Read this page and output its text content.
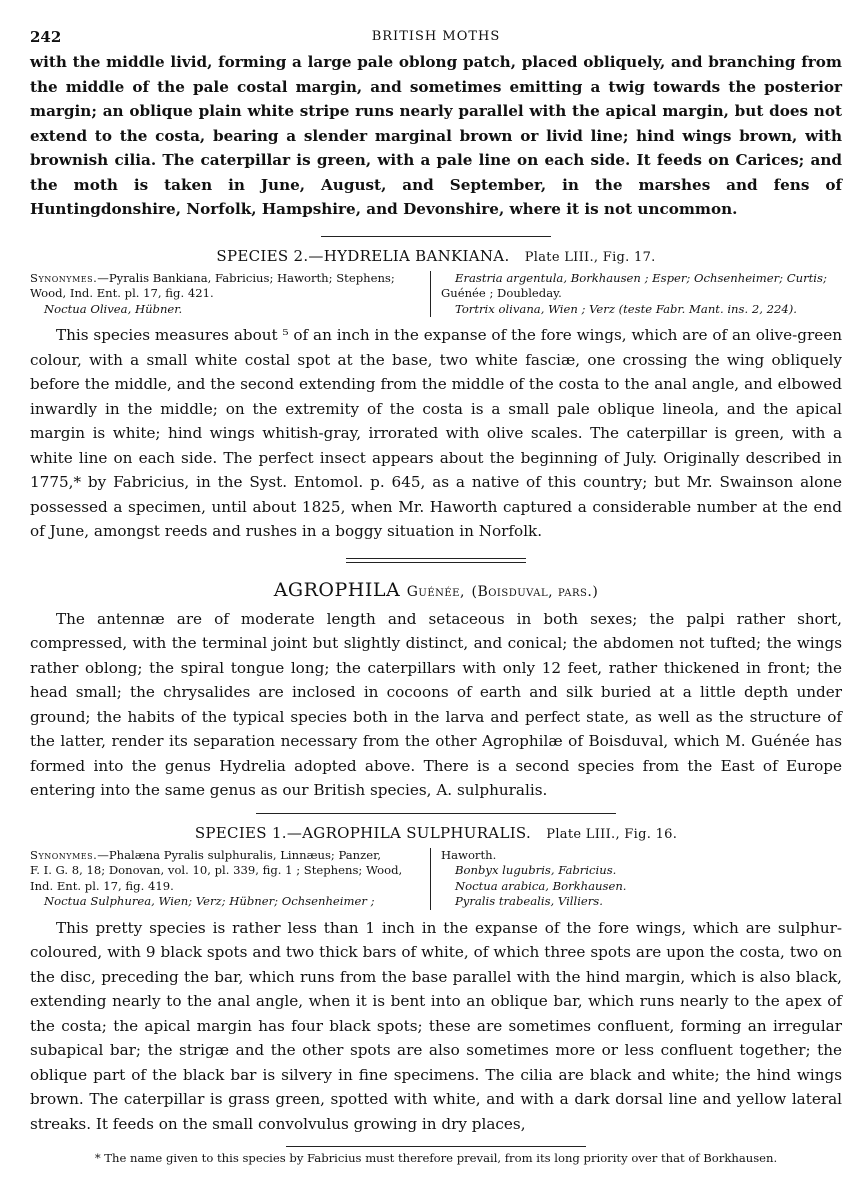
242	BRITISH MOTHS

with the middle livid, forming a large pale oblong patch, placed obliquely, and branching from the middle of the pale costal margin, and sometimes emitting a twig towards the posterior margin; an oblique plain white stripe runs nearly parallel with the apical margin, but does not extend to the costa, bearing a slender marginal brown or livid line; hind wings brown, with brownish cilia. The caterpillar is green, with a pale line on each side. It feeds on Carices; and the moth is taken in June, August, and September, in the marshes and fens of Huntingdonshire, Norfolk, Hampshire, and Devonshire, where it is not uncommon.

SPECIES 2.—HYDRELIA BANKIANA. Plate LIII., Fig. 17.
Synonymes.—Pyralis Bankiana, Fabricius; Haworth; Stephens;
Wood, Ind. Ent. pl. 17, fig. 421.
Noctua Olivea, Hübner.
Erastria argentula, Borkhausen ; Esper; Ochsenheimer; Curtis;
Guénée ; Doubleday.
Tortrix olivana, Wien ; Verz (teste Fabr. Mant. ins. 2, 224).

This species measures about ⁵ of an inch in the expanse of the fore wings, which are of an olive-green colour, with a small white costal spot at the base, two white fasciæ, one crossing the wing obliquely before the middle, and the second extending from the middle of the costa to the anal angle, and elbowed inwardly in the middle; on the extremity of the costa is a small pale oblique lineola, and the apical margin is white; hind wings whitish-gray, irrorated with olive scales. The caterpillar is green, with a white line on each side. The perfect insect appears about the beginning of July. Originally described in 1775,* by Fabricius, in the Syst. Entomol. p. 645, as a native of this country; but Mr. Swainson alone possessed a specimen, until about 1825, when Mr. Haworth captured a considerable number at the end of June, amongst reeds and rushes in a boggy situation in Norfolk.

AGROPHILA Guénée, (Boisduval, pars.)

The antennæ are of moderate length and setaceous in both sexes; the palpi rather short, compressed, with the terminal joint but slightly distinct, and conical; the abdomen not tufted; the wings rather oblong; the spiral tongue long; the caterpillars with only 12 feet, rather thickened in front; the head small; the chrysalides are inclosed in cocoons of earth and silk buried at a little depth under ground; the habits of the typical species both in the larva and perfect state, as well as the structure of the latter, render its separation necessary from the other Agrophilæ of Boisduval, which M. Guénée has formed into the genus Hydrelia adopted above. There is a second species from the East of Europe entering into the same genus as our British species, A. sulphuralis.

SPECIES 1.—AGROPHILA SULPHURALIS. Plate LIII., Fig. 16.
Synonymes.—Phalæna Pyralis sulphuralis, Linnæus; Panzer,
F. I. G. 8, 18; Donovan, vol. 10, pl. 339, fig. 1 ; Stephens; Wood,
Ind. Ent. pl. 17, fig. 419.
Noctua Sulphurea, Wien; Verz; Hübner; Ochsenheimer ;
Haworth.
Bonbyx lugubris, Fabricius.
Noctua arabica, Borkhausen.
Pyralis trabealis, Villiers.

This pretty species is rather less than 1 inch in the expanse of the fore wings, which are sulphur-coloured, with 9 black spots and two thick bars of white, of which three spots are upon the costa, two on the disc, preceding the bar, which runs from the base parallel with the hind margin, which is also black, extending nearly to the anal angle, when it is bent into an oblique bar, which runs nearly to the apex of the costa; the apical margin has four black spots; these are sometimes confluent, forming an irregular subapical bar; the strigæ and the other spots are also sometimes more or less confluent together; the oblique part of the black bar is silvery in fine specimens. The cilia are black and white; the hind wings brown. The caterpillar is grass green, spotted with white, and with a dark dorsal line and yellow lateral streaks. It feeds on the small convolvulus growing in dry places,

* The name given to this species by Fabricius must therefore prevail, from its long priority over that of Borkhausen.
